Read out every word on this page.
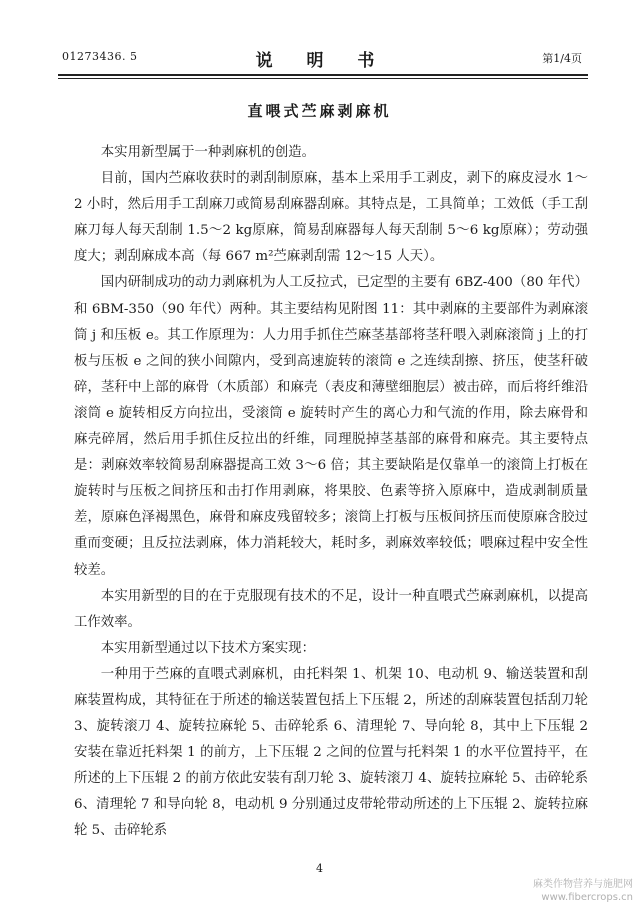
01273436. 5	说 明 书	第1/4页
直喂式苎麻剥麻机

本实用新型属于一种剥麻机的创造。

目前，国内苎麻收获时的剥刮制原麻，基本上采用手工剥皮，剥下的麻皮浸水 1～2 小时，然后用手工刮麻刀或简易刮麻器刮麻。其特点是，工具简单；工效低（手工刮麻刀每人每天刮制 1.5～2 kg原麻，简易刮麻器每人每天刮制 5～6 kg原麻）；劳动强度大；剥刮麻成本高（每 667 m²苎麻剥刮需 12～15 人天）。

国内研制成功的动力剥麻机为人工反拉式，已定型的主要有 6BZ-400（80 年代）和 6BM-350（90 年代）两种。其主要结构见附图 11：其中剥麻的主要部件为剥麻滚筒 j 和压板 e。其工作原理为：人力用手抓住苎麻茎基部将茎秆喂入剥麻滚筒 j 上的打板与压板 e 之间的狭小间隙内，受到高速旋转的滚筒 e 之连续刮擦、挤压，使茎秆破碎，茎秆中上部的麻骨（木质部）和麻壳（表皮和薄壁细胞层）被击碎，而后将纤维沿滚筒 e 旋转相反方向拉出，受滚筒 e 旋转时产生的离心力和气流的作用，除去麻骨和麻壳碎屑，然后用手抓住反拉出的纤维，同理脱掉茎基部的麻骨和麻壳。其主要特点是：剥麻效率较简易刮麻器提高工效 3～6 倍；其主要缺陷是仅靠单一的滚筒上打板在旋转时与压板之间挤压和击打作用剥麻，将果胶、色素等挤入原麻中，造成剥制质量差，原麻色泽褐黑色，麻骨和麻皮残留较多；滚筒上打板与压板间挤压而使原麻含胶过重而变硬；且反拉法剥麻，体力消耗较大，耗时多，剥麻效率较低；喂麻过程中安全性较差。

本实用新型的目的在于克服现有技术的不足，设计一种直喂式苎麻剥麻机，以提高工作效率。

本实用新型通过以下技术方案实现：

一种用于苎麻的直喂式剥麻机，由托料架 1、机架 10、电动机 9、输送装置和刮麻装置构成，其特征在于所述的输送装置包括上下压辊 2，所述的刮麻装置包括刮刀轮 3、旋转滚刀 4、旋转拉麻轮 5、击碎轮系 6、清理轮 7、导向轮 8，其中上下压辊 2 安装在靠近托料架 1 的前方，上下压辊 2 之间的位置与托料架 1 的水平位置持平，在所述的上下压辊 2 的前方依此安装有刮刀轮 3、旋转滚刀 4、旋转拉麻轮 5、击碎轮系 6、清理轮 7 和导向轮 8，电动机 9 分别通过皮带轮带动所述的上下压辊 2、旋转拉麻轮 5、击碎轮系

4
麻类作物营养与施肥网
www.fibercrops.cn
